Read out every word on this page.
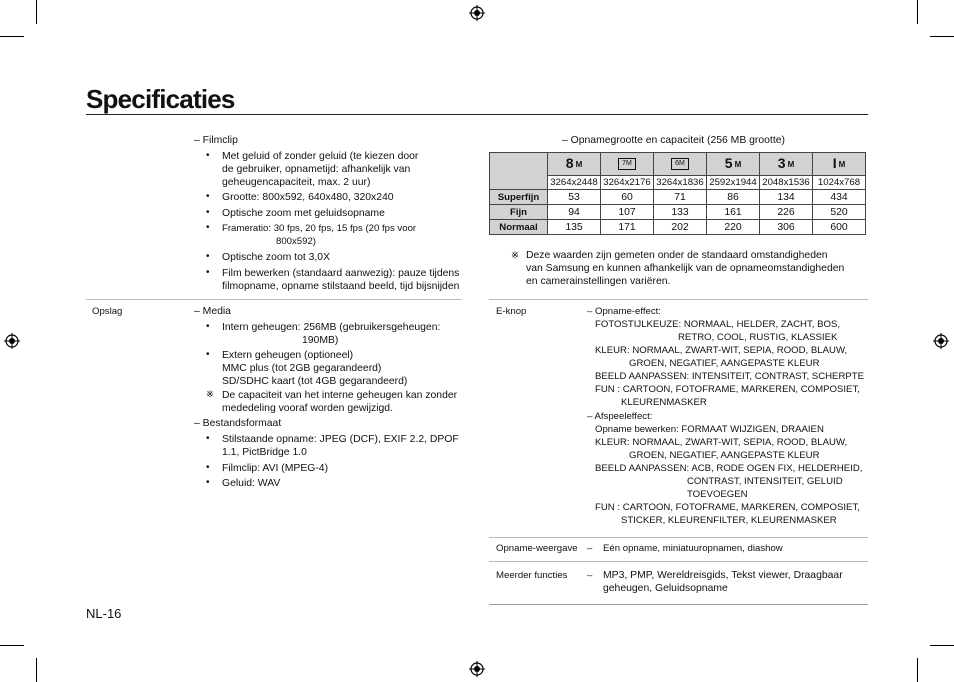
Specificaties
– Filmclip
• Met geluid of zonder geluid (te kiezen door
de gebruiker, opnametijd: afhankelijk van
geheugencapaciteit, max. 2 uur)
• Grootte: 800x592, 640x480, 320x240
• Optische zoom met geluidsopname
• Frameratio: 30 fps, 20 fps, 15 fps (20 fps voor
800x592)
• Optische zoom tot 3,0X
• Film bewerken (standaard aanwezig): pauze tijdens
filmopname, opname stilstaand beeld, tijd bijsnijden
Opslag	– Media
• Intern geheugen: 256MB (gebruikersgeheugen:
190MB)
• Extern geheugen (optioneel)
MMC plus (tot 2GB gegarandeerd)
SD/SDHC kaart (tot 4GB gegarandeerd)
※ De capaciteit van het interne geheugen kan zonder
mededeling vooraf worden gewijzigd.
– Bestandsformaat
• Stilstaande opname: JPEG (DCF), EXIF 2.2, DPOF
1.1, PictBridge 1.0
• Filmclip: AVI (MPEG-4)
• Geluid: WAV
– Opnamegrootte en capaciteit (256 MB grootte)
	8 M	7M	6M	5 M	3 M	I M
	3264x2448	3264x2176	3264x1836	2592x1944	2048x1536	1024x768
Superfijn	53	60	71	86	134	434
Fijn	94	107	133	161	226	520
Normaal	135	171	202	220	306	600
※ Deze waarden zijn gemeten onder de standaard omstandigheden
van Samsung en kunnen afhankelijk van de opnameomstandigheden
en camerainstellingen variëren.
E-knop	– Opname-effect:
FOTOSTIJLKEUZE: NORMAAL, HELDER, ZACHT, BOS,
RETRO, COOL, RUSTIG, KLASSIEK
KLEUR: NORMAAL, ZWART-WIT, SEPIA, ROOD, BLAUW,
GROEN, NEGATIEF, AANGEPASTE KLEUR
BEELD AANPASSEN: INTENSITEIT, CONTRAST, SCHERPTE
FUN : CARTOON, FOTOFRAME, MARKEREN, COMPOSIET,
KLEURENMASKER
– Afspeeleffect:
Opname bewerken: FORMAAT WIJZIGEN, DRAAIEN
KLEUR: NORMAAL, ZWART-WIT, SEPIA, ROOD, BLAUW,
GROEN, NEGATIEF, AANGEPASTE KLEUR
BEELD AANPASSEN: ACB, RODE OGEN FIX, HELDERHEID,
CONTRAST, INTENSITEIT, GELUID
TOEVOEGEN
FUN : CARTOON, FOTOFRAME, MARKEREN, COMPOSIET,
STICKER, KLEURENFILTER, KLEURENMASKER
Opname-weergave – Eén opname, miniatuuropnamen, diashow
Meerder functies – MP3, PMP, Wereldreisgids, Tekst viewer, Draagbaar
geheugen, Geluidsopname
NL-16
